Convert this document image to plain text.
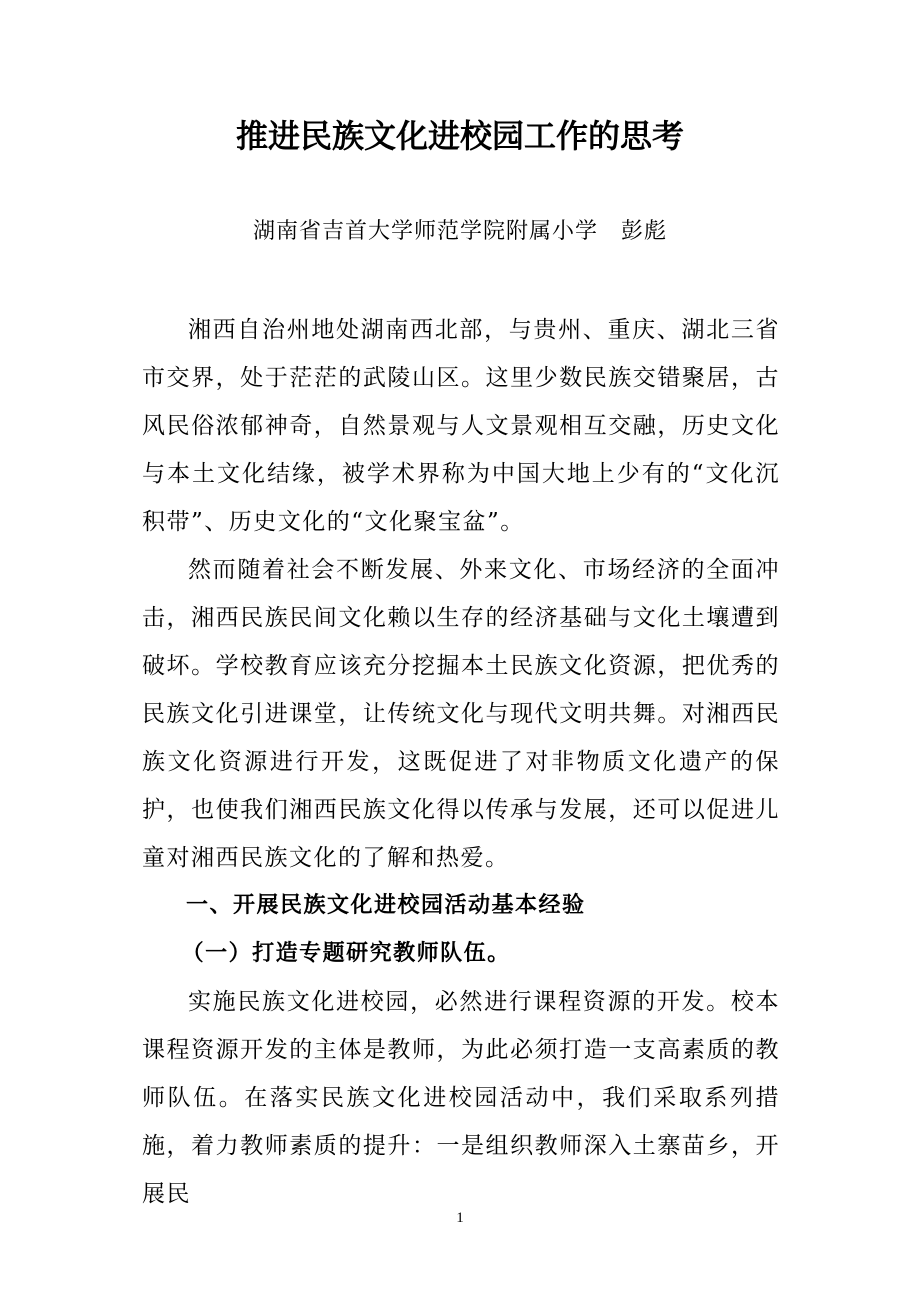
推进民族文化进校园工作的思考
湖南省吉首大学师范学院附属小学　彭彪

湘西自治州地处湖南西北部，与贵州、重庆、湖北三省市交界，处于茫茫的武陵山区。这里少数民族交错聚居，古风民俗浓郁神奇，自然景观与人文景观相互交融，历史文化与本土文化结缘，被学术界称为中国大地上少有的“文化沉积带”、历史文化的“文化聚宝盆”。

然而随着社会不断发展、外来文化、市场经济的全面冲击，湘西民族民间文化赖以生存的经济基础与文化土壤遭到破坏。学校教育应该充分挖掘本土民族文化资源，把优秀的民族文化引进课堂，让传统文化与现代文明共舞。对湘西民族文化资源进行开发，这既促进了对非物质文化遗产的保护，也使我们湘西民族文化得以传承与发展，还可以促进儿童对湘西民族文化的了解和热爱。

一、开展民族文化进校园活动基本经验

（一）打造专题研究教师队伍。

实施民族文化进校园，必然进行课程资源的开发。校本课程资源开发的主体是教师，为此必须打造一支高素质的教师队伍。在落实民族文化进校园活动中，我们采取系列措施，着力教师素质的提升：一是组织教师深入土寨苗乡，开展民

1
